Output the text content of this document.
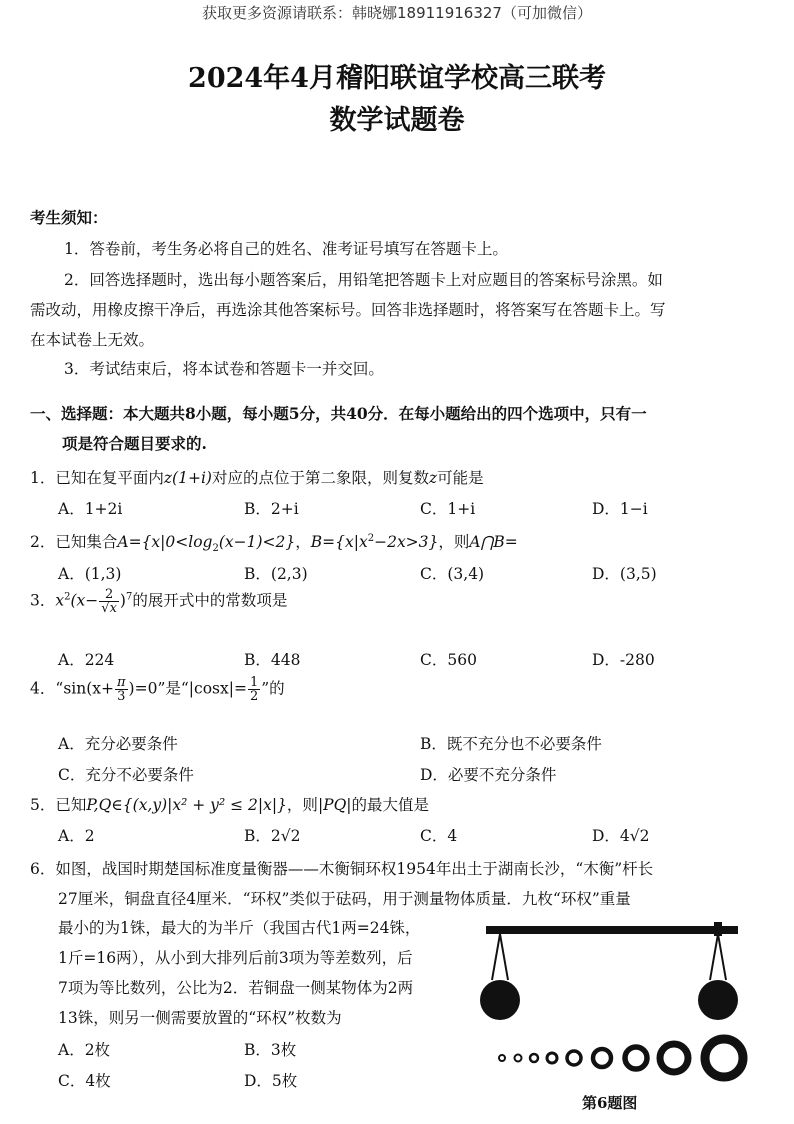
获取更多资源请联系：韩晓娜18911916327（可加微信）
2024年4月稽阳联谊学校高三联考
数学试题卷
考生须知：
1．答卷前，考生务必将自己的姓名、准考证号填写在答题卡上。
2．回答选择题时，选出每小题答案后，用铅笔把答题卡上对应题目的答案标号涂黑。如
需改动，用橡皮擦干净后，再选涂其他答案标号。回答非选择题时，将答案写在答题卡上。写
在本试卷上无效。
3．考试结束后，将本试卷和答题卡一并交回。
一、选择题：本大题共8小题，每小题5分，共40分．在每小题给出的四个选项中，只有一
项是符合题目要求的.
1．已知在复平面内z(1+i)对应的点位于第二象限，则复数z可能是
A．1+2i	B．2+i	C．1+i	D．1−i
2．已知集合$A=\{x|0<\log_2(x-1)<2\}$，$B=\{x|x^2-2x>3\}$，则A⋂B=
A．(1,3)	B．(2,3)	C．(3,4)	D．(3,5)
3．$x^2(x- \frac{2}{√x} )^7$的展开式中的常数项是
A．224	B．448	C．560	D．-280
4．“$\sin(x+ \frac{\pi}{3} )=0$”是“$|\cos x|= \frac{1}{2}$ ”的
A．充分必要条件	B．既不充分也不必要条件
C．充分不必要条件	D．必要不充分条件
5．已知P,Q∈{(x,y)|x² + y² ≤ 2|x|}，则|PQ|的最大值是
A．2	B．2√2	C．4	D．4√2
6．如图，战国时期楚国标准度量衡器——木衡铜环权1954年出土于湖南长沙，“木衡”杆长
27厘米，铜盘直径4厘米．“环权”类似于砝码，用于测量物体质量．九枚“环权”重量
最小的为1铢，最大的为半斤（我国古代1两=24铢，
1斤=16两），从小到大排列后前3项为等差数列，后
7项为等比数列，公比为2．若铜盘一侧某物体为2两
13铢，则另一侧需要放置的“环权”枚数为
A．2枚	B．3枚
C．4枚	D．5枚
第6题图
